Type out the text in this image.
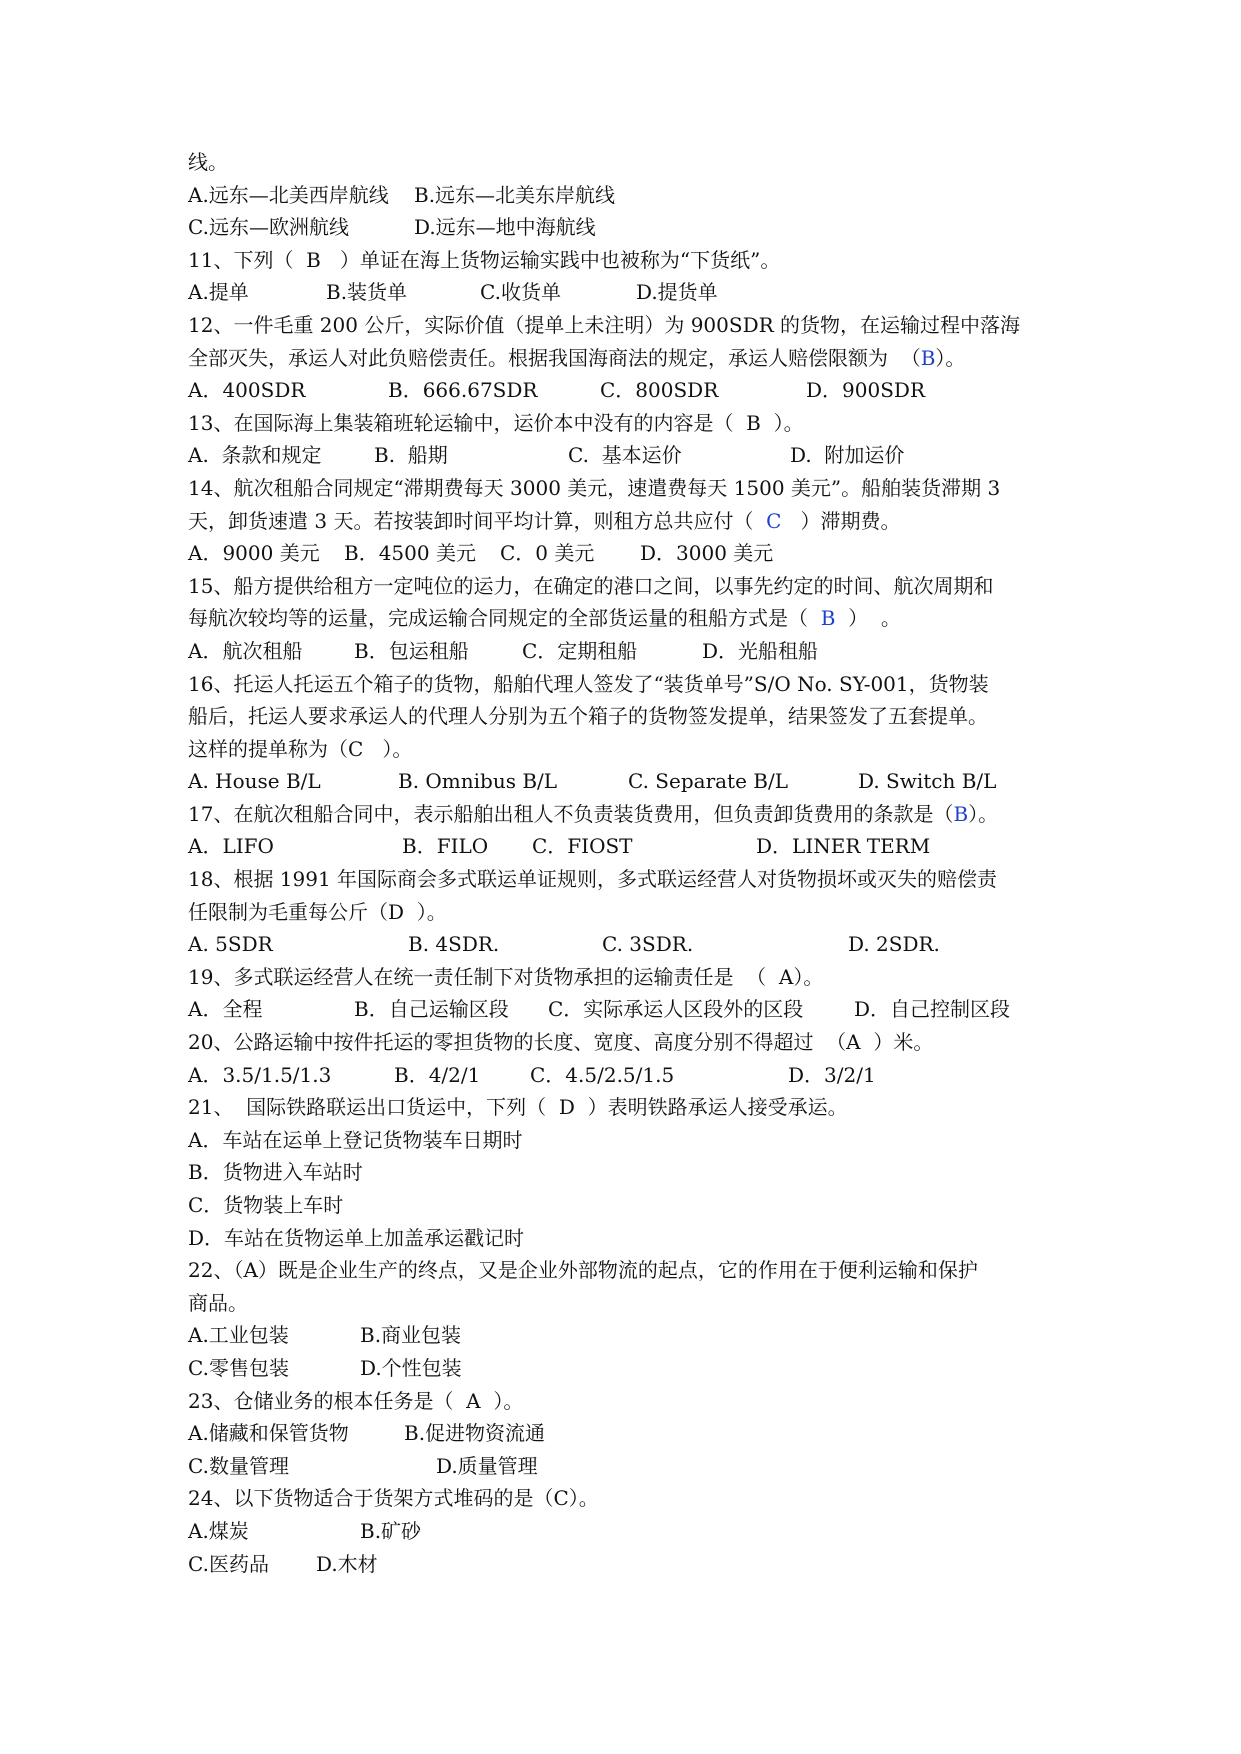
线。
A.远东—北美西岸航线 B.远东—北美东岸航线
C.远东—欧洲航线	D.远东—地中海航线
11、下列（  B   ）单证在海上货物运输实践中也被称为“下货纸”。
A.提单	B.装货单	C.收货单	D.提货单
12、一件毛重 200 公斤，实际价值（提单上未注明）为 900SDR 的货物，在运输过程中落海
全部灭失，承运人对此负赔偿责任。根据我国海商法的规定，承运人赔偿限额为  （B）。
A．400SDR	B．666.67SDR	C．800SDR	D．900SDR
13、在国际海上集装箱班轮运输中，运价本中没有的内容是（  B  ）。
A.  条款和规定	B.  船期	C.  基本运价	D.  附加运价
14、航次租船合同规定“滞期费每天 3000 美元，速遣费每天 1500 美元”。船舶装货滞期 3
天，卸货速遣 3 天。若按装卸时间平均计算，则租方总共应付（  C   ）滞期费。
A．9000 美元 B．4500 美元 C．0 美元 D．3000 美元
15、船方提供给租方一定吨位的运力，在确定的港口之间，以事先约定的时间、航次周期和
每航次较均等的运量，完成运输合同规定的全部货运量的租船方式是（  B  ）  。
A．航次租船	B．包运租船	C．定期租船	D．光船租船
16、托运人托运五个箱子的货物，船舶代理人签发了“装货单号”S/O No. SY-001，货物装
船后，托运人要求承运人的代理人分别为五个箱子的货物签发提单，结果签发了五套提单。
这样的提单称为（C   ）。
A. House B/L	B. Omnibus B/L	C. Separate B/L	D. Switch B/L
17、在航次租船合同中，表示船舶出租人不负责装货费用，但负责卸货费用的条款是（B）。
A．LIFO	B．FILO C．FIOST	D．LINER TERM
18、根据 1991 年国际商会多式联运单证规则，多式联运经营人对货物损坏或灭失的赔偿责
任限制为毛重每公斤（D  ）。
A. 5SDR	B. 4SDR.	C. 3SDR.	D. 2SDR.
19、多式联运经营人在统一责任制下对货物承担的运输责任是  （  A）。
A．全程	B．自己运输区段 C．实际承运人区段外的区段	D．自己控制区段
20、公路运输中按件托运的零担货物的长度、宽度、高度分别不得超过  （A  ）米。
A．3.5/1.5/1.3	B．4/2/1 C．4.5/2.5/1.5	D．3/2/1
21、  国际铁路联运出口货运中，下列（  D  ）表明铁路承运人接受承运。
A．车站在运单上登记货物装车日期时
B．货物进入车站时
C．货物装上车时
D．车站在货物运单上加盖承运戳记时
22、（A）既是企业生产的终点，又是企业外部物流的起点，它的作用在于便利运输和保护
商品。
A.工业包装	B.商业包装
C.零售包装	D.个性包装
23、仓储业务的根本任务是（  A  ）。
A.储藏和保管货物	B.促进物资流通
C.数量管理	D.质量管理
24、以下货物适合于货架方式堆码的是（C）。
A.煤炭	B.矿砂
C.医药品 D.木材
